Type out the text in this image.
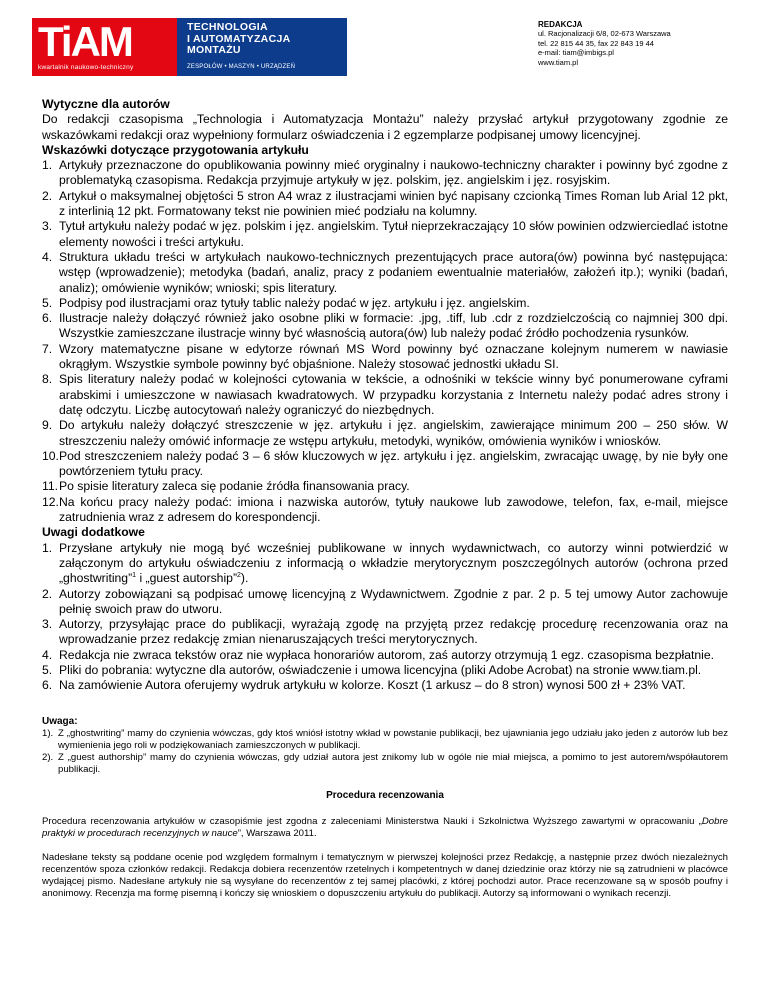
TiAM
kwartalnik naukowo-techniczny
TECHNOLOGIA
I AUTOMATYZACJA
MONTAŻU
ZESPOŁÓW • MASZYN • URZĄDZEŃ
REDAKCJA
ul. Racjonalizacji 6/8, 02-673 Warszawa
tel. 22 815 44 35, fax 22 843 19 44
e-mail: tiam@imbigs.pl
www.tiam.pl

Wytyczne dla autorów

Do redakcji czasopisma „Technologia i Automatyzacja Montażu” należy przysłać artykuł przygotowany zgodnie ze wskazówkami redakcji oraz wypełniony formularz oświadczenia i 2 egzemplarze podpisanej umowy licencyjnej.

Wskazówki dotyczące przygotowania artykułu

1. Artykuły przeznaczone do opublikowania powinny mieć oryginalny i naukowo-techniczny charakter i powinny być zgodne z problematyką czasopisma. Redakcja przyjmuje artykuły w jęz. polskim, jęz. angielskim i jęz. rosyjskim.
2. Artykuł o maksymalnej objętości 5 stron A4 wraz z ilustracjami winien być napisany czcionką Times Roman lub Arial 12 pkt, z interlinią 12 pkt. Formatowany tekst nie powinien mieć podziału na kolumny.
3. Tytuł artykułu należy podać w jęz. polskim i jęz. angielskim. Tytuł nieprzekraczający 10 słów powinien odzwierciedlać istotne elementy nowości i treści artykułu.
4. Struktura układu treści w artykułach naukowo-technicznych prezentujących prace autora(ów) powinna być następująca: wstęp (wprowadzenie); metodyka (badań, analiz, pracy z podaniem ewentualnie materiałów, założeń itp.); wyniki (badań, analiz); omówienie wyników; wnioski; spis literatury.
5. Podpisy pod ilustracjami oraz tytuły tablic należy podać w jęz. artykułu i jęz. angielskim.
6. Ilustracje należy dołączyć również jako osobne pliki w formacie: .jpg, .tiff, lub .cdr z rozdzielczością co najmniej 300 dpi. Wszystkie zamieszczane ilustracje winny być własnością autora(ów) lub należy podać źródło pochodzenia rysunków.
7. Wzory matematyczne pisane w edytorze równań MS Word powinny być oznaczane kolejnym numerem w nawiasie okrągłym. Wszystkie symbole powinny być objaśnione. Należy stosować jednostki układu SI.
8. Spis literatury należy podać w kolejności cytowania w tekście, a odnośniki w tekście winny być ponumerowane cyframi arabskimi i umieszczone w nawiasach kwadratowych. W przypadku korzystania z Internetu należy podać adres strony i datę odczytu. Liczbę autocytowań należy ograniczyć do niezbędnych.
9. Do artykułu należy dołączyć streszczenie w jęz. artykułu i jęz. angielskim, zawierające minimum 200 – 250 słów. W streszczeniu należy omówić informacje ze wstępu artykułu, metodyki, wyników, omówienia wyników i wniosków.
10. Pod streszczeniem należy podać 3 – 6 słów kluczowych w jęz. artykułu i jęz. angielskim, zwracając uwagę, by nie były one powtórzeniem tytułu pracy.
11. Po spisie literatury zaleca się podanie źródła finansowania pracy.
12. Na końcu pracy należy podać: imiona i nazwiska autorów, tytuły naukowe lub zawodowe, telefon, fax, e-mail, miejsce zatrudnienia wraz z adresem do korespondencji.

Uwagi dodatkowe

1. Przysłane artykuły nie mogą być wcześniej publikowane w innych wydawnictwach, co autorzy winni potwierdzić w załączonym do artykułu oświadczeniu z informacją o wkładzie merytorycznym poszczególnych autorów (ochrona przed „ghostwriting”$^1$ i „guest autorship”$^2$).
2. Autorzy zobowiązani są podpisać umowę licencyjną z Wydawnictwem. Zgodnie z par. 2 p. 5 tej umowy Autor zachowuje pełnię swoich praw do utworu.
3. Autorzy, przysyłając prace do publikacji, wyrażają zgodę na przyjętą przez redakcję procedurę recenzowania oraz na wprowadzanie przez redakcję zmian nienaruszających treści merytorycznych.
4. Redakcja nie zwraca tekstów oraz nie wypłaca honorariów autorom, zaś autorzy otrzymują 1 egz. czasopisma bezpłatnie.
5. Pliki do pobrania: wytyczne dla autorów, oświadczenie i umowa licencyjna (pliki Adobe Acrobat) na stronie www.tiam.pl.
6. Na zamówienie Autora oferujemy wydruk artykułu w kolorze. Koszt (1 arkusz – do 8 stron) wynosi 500 zł + 23% VAT.

Uwaga:

1). Z „ghostwriting” mamy do czynienia wówczas, gdy ktoś wniósł istotny wkład w powstanie publikacji, bez ujawniania jego udziału jako jeden z autorów lub bez wymienienia jego roli w podziękowaniach zamieszczonych w publikacji.
2). Z „guest authorship” mamy do czynienia wówczas, gdy udział autora jest znikomy lub w ogóle nie miał miejsca, a pomimo to jest autorem/współautorem publikacji.

Procedura recenzowania

Procedura recenzowania artykułów w czasopiśmie jest zgodna z zaleceniami Ministerstwa Nauki i Szkolnictwa Wyższego zawartymi w opracowaniu „Dobre praktyki w procedurach recenzyjnych w nauce”, Warszawa 2011.

Nadesłane teksty są poddane ocenie pod względem formalnym i tematycznym w pierwszej kolejności przez Redakcję, a następnie przez dwóch niezależnych recenzentów spoza członków redakcji. Redakcja dobiera recenzentów rzetelnych i kompetentnych w danej dziedzinie oraz którzy nie są zatrudnieni w placówce wydającej pismo. Nadesłane artykuły nie są wysyłane do recenzentów z tej samej placówki, z której pochodzi autor. Prace recenzowane są w sposób poufny i anonimowy. Recenzja ma formę pisemną i kończy się wnioskiem o dopuszczeniu artykułu do publikacji. Autorzy są informowani o wynikach recenzji.
